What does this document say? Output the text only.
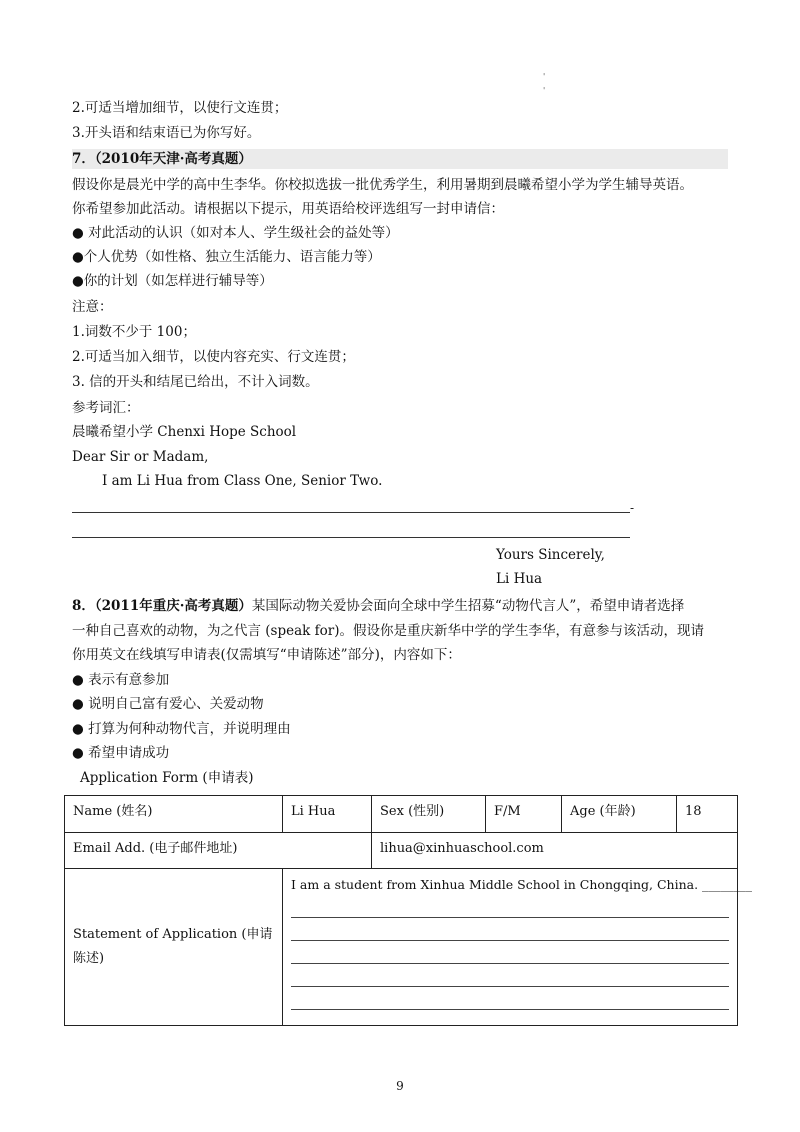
'
'
2.可适当增加细节，以使行文连贯；
3.开头语和结束语已为你写好。
7．（2010年天津·高考真题）
假设你是晨光中学的高中生李华。你校拟选拔一批优秀学生，利用暑期到晨曦希望小学为学生辅导英语。
你希望参加此活动。请根据以下提示，用英语给校评选组写一封申请信：
● 对此活动的认识（如对本人、学生级社会的益处等）
●个人优势（如性格、独立生活能力、语言能力等）
●你的计划（如怎样进行辅导等）
注意：
1.词数不少于 100；
2.可适当加入细节，以使内容充实、行文连贯；
3. 信的开头和结尾已给出，不计入词数。
参考词汇：
晨曦希望小学 Chenxi Hope School
Dear Sir or Madam,
I am Li Hua from Class One, Senior Two.
-
Yours Sincerely,
Li Hua
8．（2011年重庆·高考真题）某国际动物关爱协会面向全球中学生招募“动物代言人”，希望申请者选择
一种自己喜欢的动物，为之代言 (speak for)。假设你是重庆新华中学的学生李华，有意参与该活动，现请
你用英文在线填写申请表(仅需填写“申请陈述”部分)，内容如下：
● 表示有意参加
● 说明自己富有爱心、关爱动物
● 打算为何种动物代言，并说明理由
● 希望申请成功
Application Form (申请表)
Name (姓名)	Li Hua	Sex (性别)	F/M	Age (年龄)	18
Email Add. (电子邮件地址)		lihua@xinhuaschool.com			
Statement of Application (申请陈述)	I am a student from Xinhua Middle School in Chongqing, China. ________				
9
